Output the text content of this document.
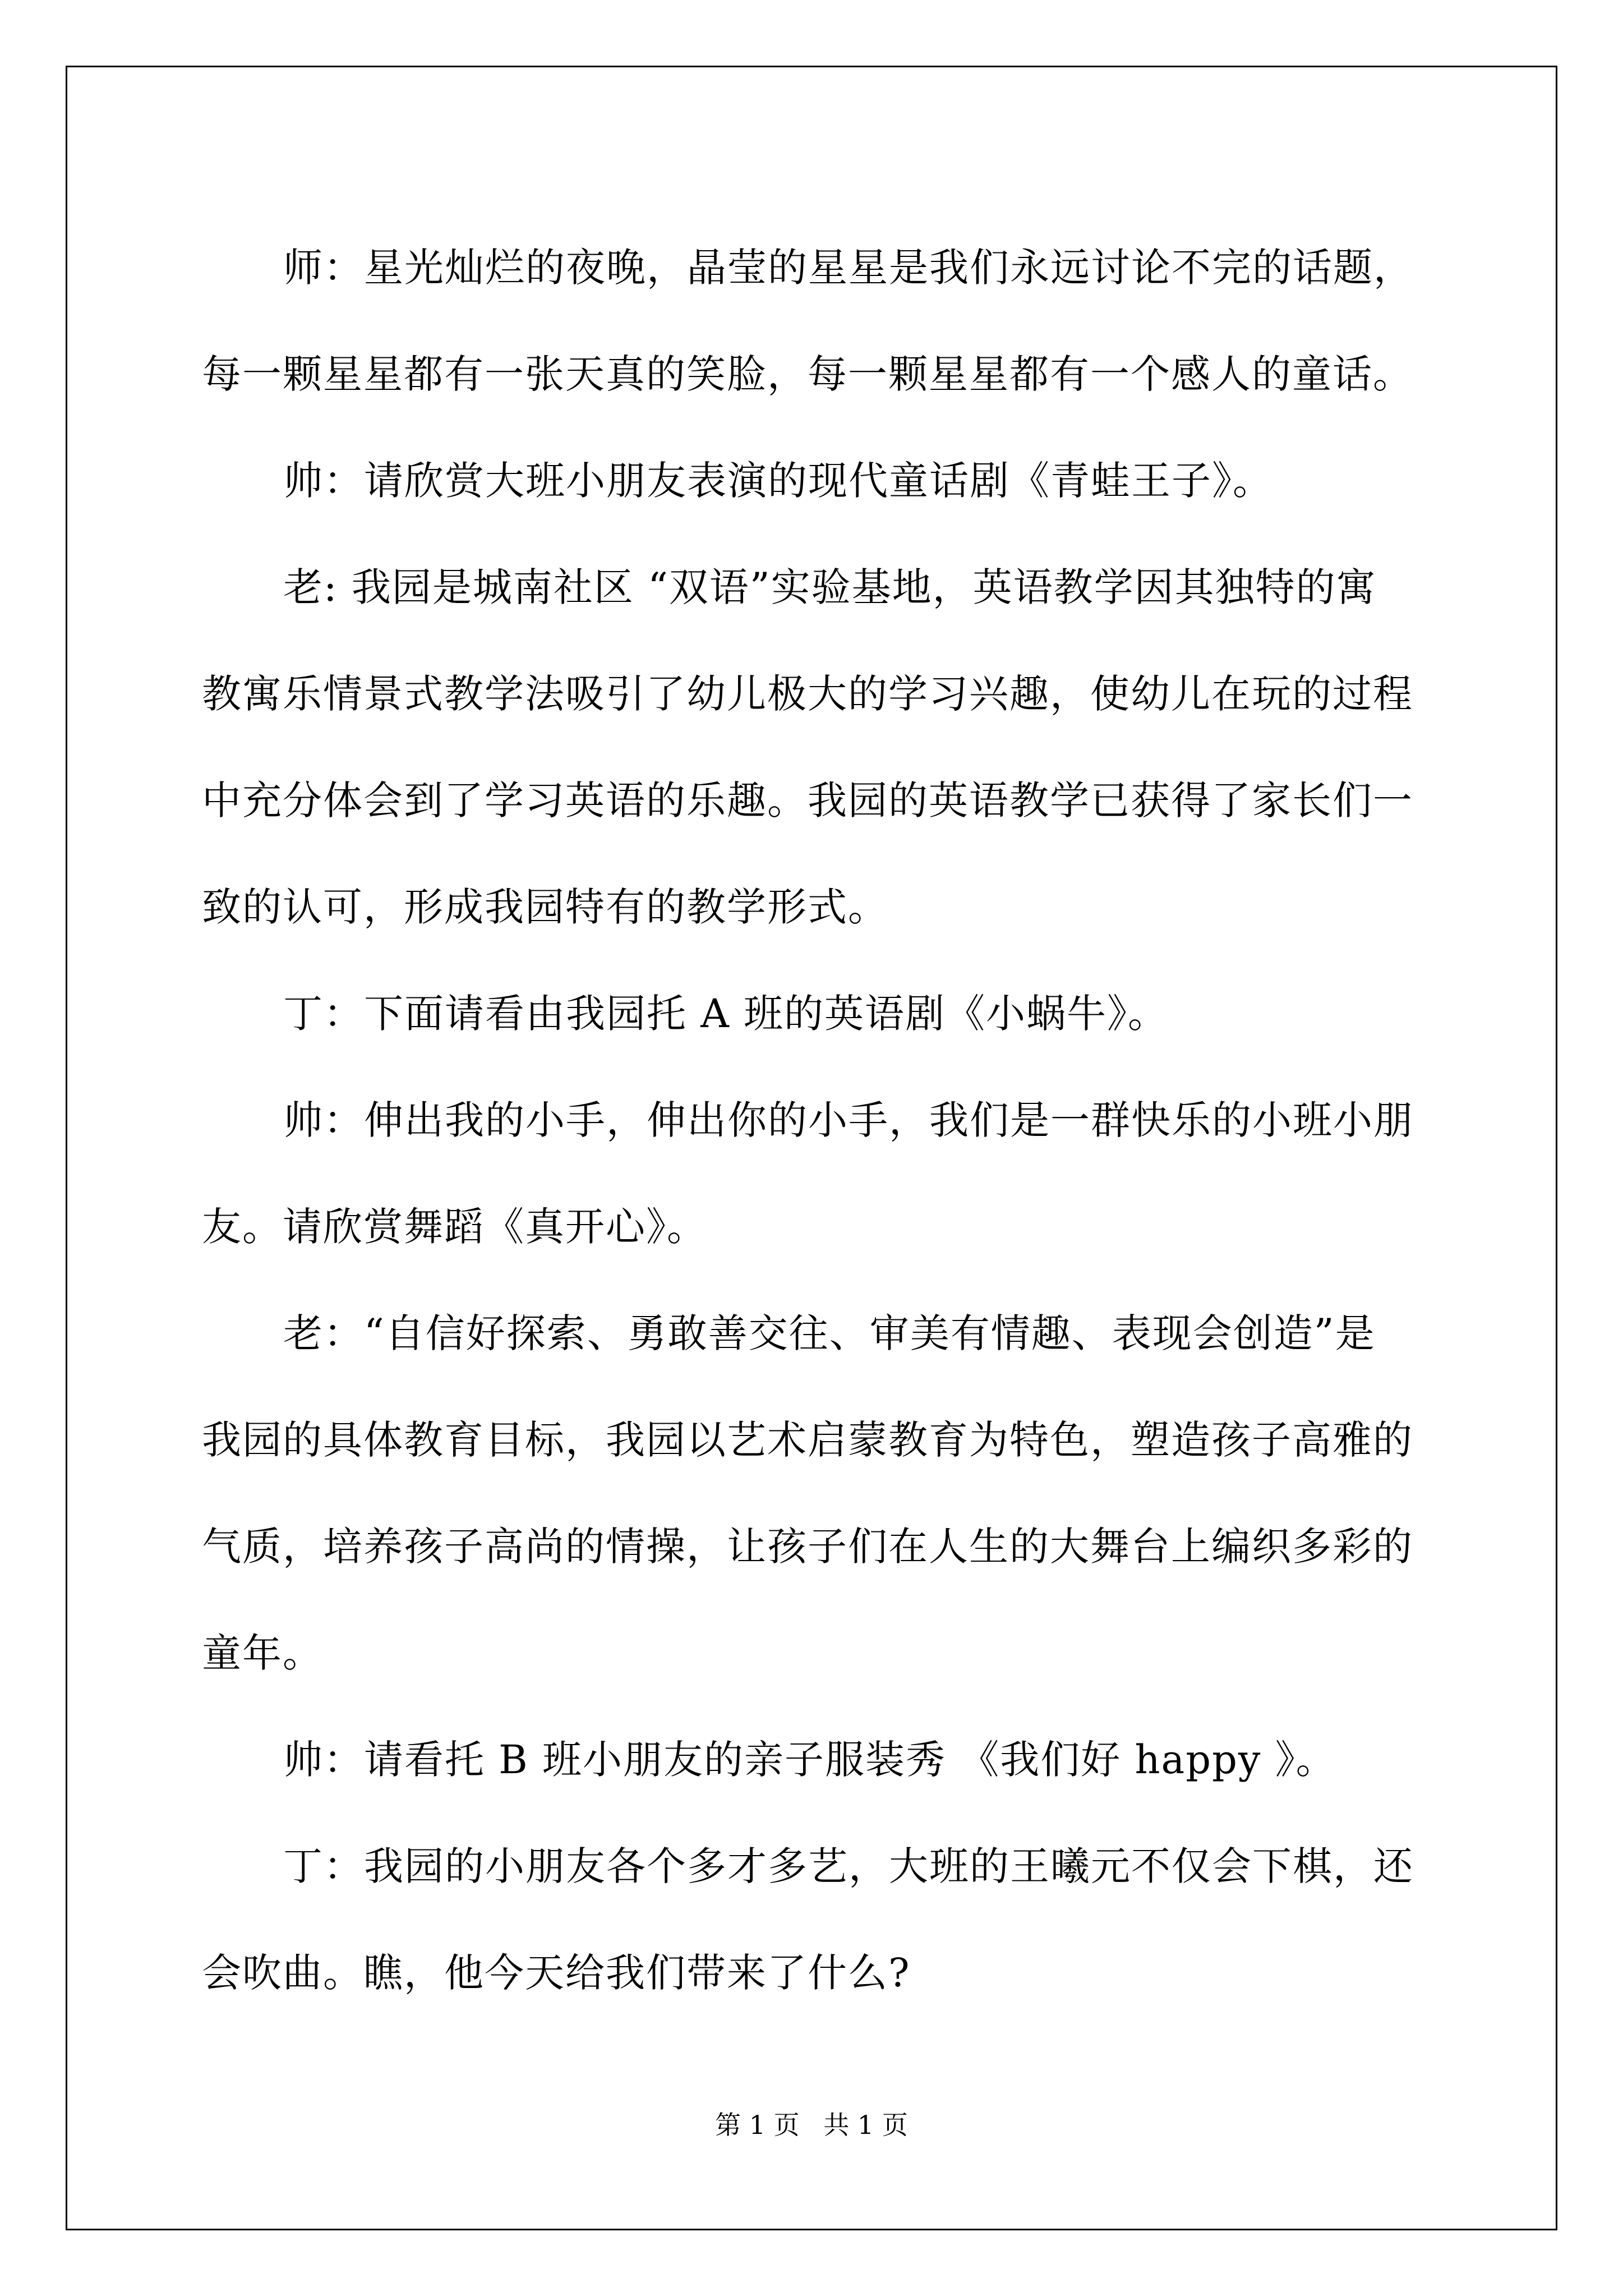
师：星光灿烂的夜晚，晶莹的星星是我们永远讨论不完的话题，

每一颗星星都有一张天真的笑脸，每一颗星星都有一个感人的童话。

帅：请欣赏大班小朋友表演的现代童话剧《青蛙王子》。

老: 我园是城南社区 “双语”实验基地，英语教学因其独特的寓

教寓乐情景式教学法吸引了幼儿极大的学习兴趣，使幼儿在玩的过程

中充分体会到了学习英语的乐趣。我园的英语教学已获得了家长们一

致的认可，形成我园特有的教学形式。

丁：下面请看由我园托 A 班的英语剧《小蜗牛》。

帅：伸出我的小手，伸出你的小手，我们是一群快乐的小班小朋

友。请欣赏舞蹈《真开心》。

老：“自信好探索、勇敢善交往、审美有情趣、表现会创造”是

我园的具体教育目标，我园以艺术启蒙教育为特色，塑造孩子高雅的

气质，培养孩子高尚的情操，让孩子们在人生的大舞台上编织多彩的

童年。

帅：请看托 B 班小朋友的亲子服装秀 《我们好 happy 》。

丁：我园的小朋友各个多才多艺，大班的王曦元不仅会下棋，还

会吹曲。瞧，他今天给我们带来了什么?

第 1 页 共 1 页
